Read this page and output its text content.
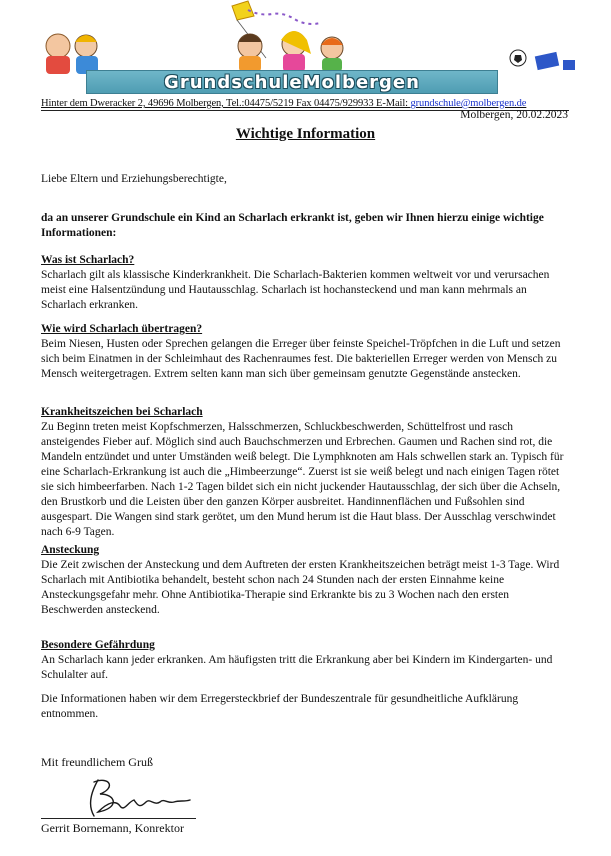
Grundschule Molbergen
Hinter dem Dweracker 2, 49696 Molbergen, Tel.:04475/5219 Fax 04475/929933 E-Mail: grundschule@molbergen.de
Molbergen, 20.02.2023
Wichtige Information
Liebe Eltern und Erziehungsberechtigte,
da an unserer Grundschule ein Kind an Scharlach erkrankt ist, geben wir Ihnen hierzu einige wichtige Informationen:
Was ist Scharlach?

Scharlach gilt als klassische Kinderkrankheit. Die Scharlach-Bakterien kommen weltweit vor und verursachen meist eine Halsentzündung und Hautausschlag. Scharlach ist hochansteckend und man kann mehrmals an Scharlach erkranken.

Wie wird Scharlach übertragen?

Beim Niesen, Husten oder Sprechen gelangen die Erreger über feinste Speichel-Tröpfchen in die Luft und setzen sich beim Einatmen in der Schleimhaut des Rachenraumes fest. Die bakteriellen Erreger werden von Mensch zu Mensch weitergetragen. Extrem selten kann man sich über gemeinsam genutzte Gegenstände anstecken.

Krankheitszeichen bei Scharlach

Zu Beginn treten meist Kopfschmerzen, Halsschmerzen, Schluckbeschwerden, Schüttelfrost und rasch ansteigendes Fieber auf. Möglich sind auch Bauchschmerzen und Erbrechen. Gaumen und Rachen sind rot, die Mandeln entzündet und unter Umständen weiß belegt. Die Lymphknoten am Hals schwellen stark an. Typisch für eine Scharlach-Erkrankung ist auch die „Himbeerzunge“. Zuerst ist sie weiß belegt und nach einigen Tagen rötet sie sich himbeerfarben. Nach 1-2 Tagen bildet sich ein nicht juckender Hautausschlag, der sich über die Achseln, den Brustkorb und die Leisten über den ganzen Körper ausbreitet. Handinnenflächen und Fußsohlen sind ausgespart. Die Wangen sind stark gerötet, um den Mund herum ist die Haut blass. Der Ausschlag verschwindet nach 6-9 Tagen.

Ansteckung

Die Zeit zwischen der Ansteckung und dem Auftreten der ersten Krankheitszeichen beträgt meist 1-3 Tage. Wird Scharlach mit Antibiotika behandelt, besteht schon nach 24 Stunden nach der ersten Einnahme keine Ansteckungsgefahr mehr. Ohne Antibiotika-Therapie sind Erkrankte bis zu 3 Wochen nach den ersten Beschwerden ansteckend.

Besondere Gefährdung

An Scharlach kann jeder erkranken. Am häufigsten tritt die Erkrankung aber bei Kindern im Kindergarten- und Schulalter auf.

Die Informationen haben wir dem Erregersteckbrief der Bundeszentrale für gesundheitliche Aufklärung entnommen.

Mit freundlichem Gruß
Gerrit Bornemann, Konrektor
